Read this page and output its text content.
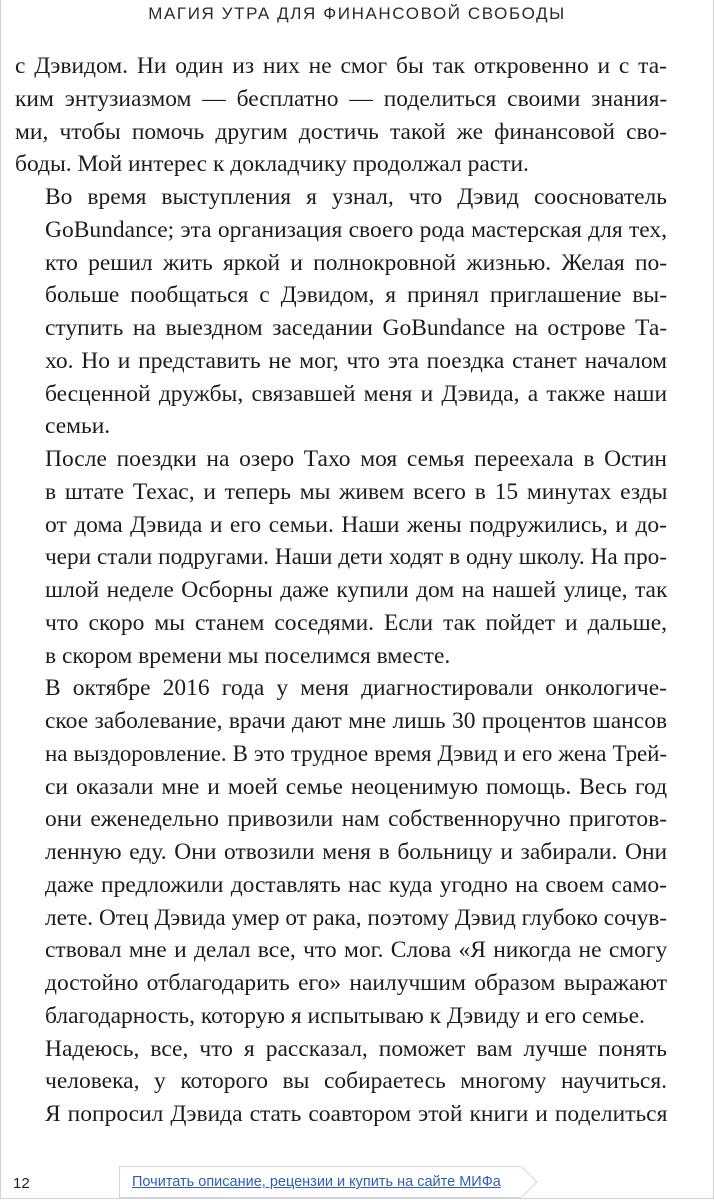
МАГИЯ УТРА ДЛЯ ФИНАНСОВОЙ СВОБОДЫ

с Дэвидом. Ни один из них не смог бы так откровенно и с та-
ким энтузиазмом — бесплатно — поделиться своими знания-
ми, чтобы помочь другим достичь такой же финансовой сво-
боды. Мой интерес к докладчику продолжал расти.

Во время выступления я узнал, что Дэвид сооснователь
GoBundance; эта организация своего рода мастерская для тех,
кто решил жить яркой и полнокровной жизнью. Желая по-
больше пообщаться с Дэвидом, я принял приглашение вы-
ступить на выездном заседании GoBundance на острове Та-
хо. Но и представить не мог, что эта поездка станет началом
бесценной дружбы, связавшей меня и Дэвида, а также наши
семьи.

После поездки на озеро Тахо моя семья переехала в Остин
в штате Техас, и теперь мы живем всего в 15 минутах езды
от дома Дэвида и его семьи. Наши жены подружились, и до-
чери стали подругами. Наши дети ходят в одну школу. На про-
шлой неделе Осборны даже купили дом на нашей улице, так
что скоро мы станем соседями. Если так пойдет и дальше,
в скором времени мы поселимся вместе.

В октябре 2016 года у меня диагностировали онкологиче-
ское заболевание, врачи дают мне лишь 30 процентов шансов
на выздоровление. В это трудное время Дэвид и его жена Трей-
си оказали мне и моей семье неоценимую помощь. Весь год
они еженедельно привозили нам собственноручно приготов-
ленную еду. Они отвозили меня в больницу и забирали. Они
даже предложили доставлять нас куда угодно на своем само-
лете. Отец Дэвида умер от рака, поэтому Дэвид глубоко сочув-
ствовал мне и делал все, что мог. Слова «Я никогда не смогу
достойно отблагодарить его» наилучшим образом выражают
благодарность, которую я испытываю к Дэвиду и его семье.

Надеюсь, все, что я рассказал, поможет вам лучше понять
человека, у которого вы собираетесь многому научиться.
Я попросил Дэвида стать соавтором этой книги и поделиться

12	Почитать описание, рецензии и купить на сайте МИФа
